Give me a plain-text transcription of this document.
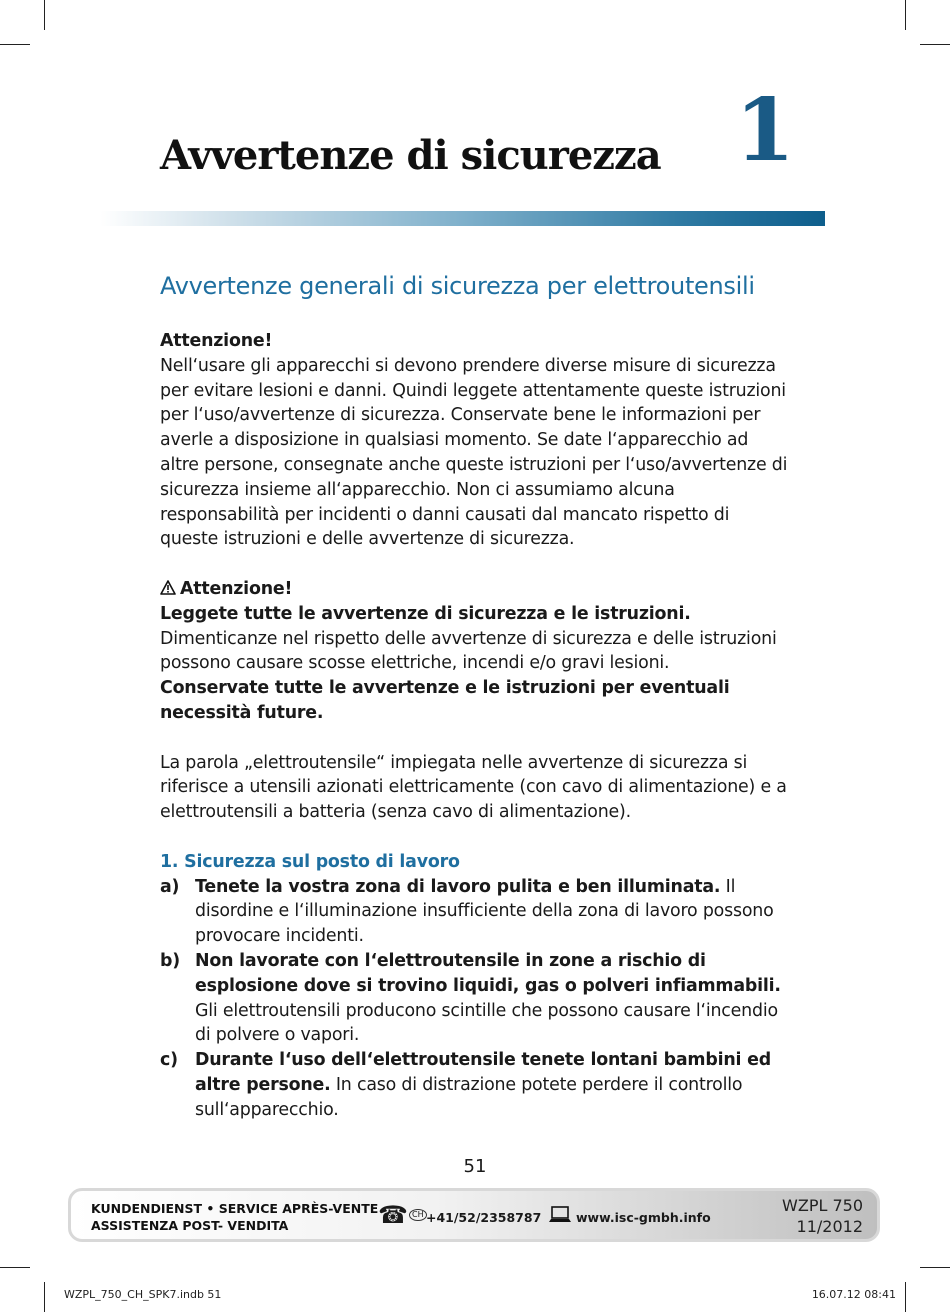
Avvertenze di sicurezza 1
Avvertenze generali di sicurezza per elettroutensili

Attenzione!

Nell‘usare gli apparecchi si devono prendere diverse misure di sicurezza per evitare lesioni e danni. Quindi leggete attentamente queste istruzioni per l‘uso/avvertenze di sicurezza. Conservate bene le informazioni per averle a disposizione in qualsiasi momento. Se date l‘apparecchio ad altre persone, consegnate anche queste istruzioni per l‘uso/avvertenze di sicurezza insieme all‘apparecchio. Non ci assumiamo alcuna responsabilità per incidenti o danni causati dal mancato rispetto di queste istruzioni e delle avvertenze di sicurezza.

Attenzione!

Leggete tutte le avvertenze di sicurezza e le istruzioni. Dimenticanze nel rispetto delle avvertenze di sicurezza e delle istruzioni possono causare scosse elettriche, incendi e/o gravi lesioni.

Conservate tutte le avvertenze e le istruzioni per eventuali necessità future.

La parola „elettroutensile“ impiegata nelle avvertenze di sicurezza si riferisce a utensili azionati elettricamente (con cavo di alimentazione) e a elettroutensili a batteria (senza cavo di alimentazione).

1. Sicurezza sul posto di lavoro

a) Tenete la vostra zona di lavoro pulita e ben illuminata. Il disordine e l‘illuminazione insufficiente della zona di lavoro possono provocare incidenti.
b) Non lavorate con l‘elettroutensile in zone a rischio di esplosione dove si trovino liquidi, gas o polveri infiammabili. Gli elettroutensili producono scintille che possono causare l‘incendio di polvere o vapori.
c) Durante l‘uso dell‘elettroutensile tenete lontani bambini ed altre persone. In caso di distrazione potete perdere il controllo sull‘apparecchio.
51
KUNDENDIENST • SERVICE APRÈS-VENTE
ASSISTENZA POST- VENDITA	☎ CH +41/52/2358787	www.isc-gmbh.info
WZPL 750
11/2012
WZPL_750_CH_SPK7.indb 51	16.07.12 08:41
